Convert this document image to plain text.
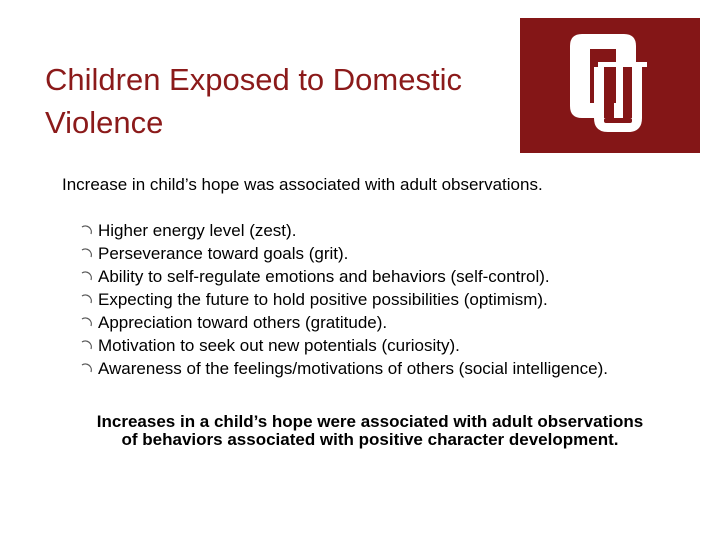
Children Exposed to Domestic
Violence

Increase in child’s hope was associated with adult observations.

Higher energy level (zest).
Perseverance toward goals (grit).
Ability to self-regulate emotions and behaviors (self-control).
Expecting the future to hold positive possibilities (optimism).
Appreciation toward others (gratitude).
Motivation to seek out new potentials (curiosity).
Awareness of the feelings/motivations of others (social intelligence).

Increases in a child’s hope were associated with adult observations
of behaviors associated with positive character development.
